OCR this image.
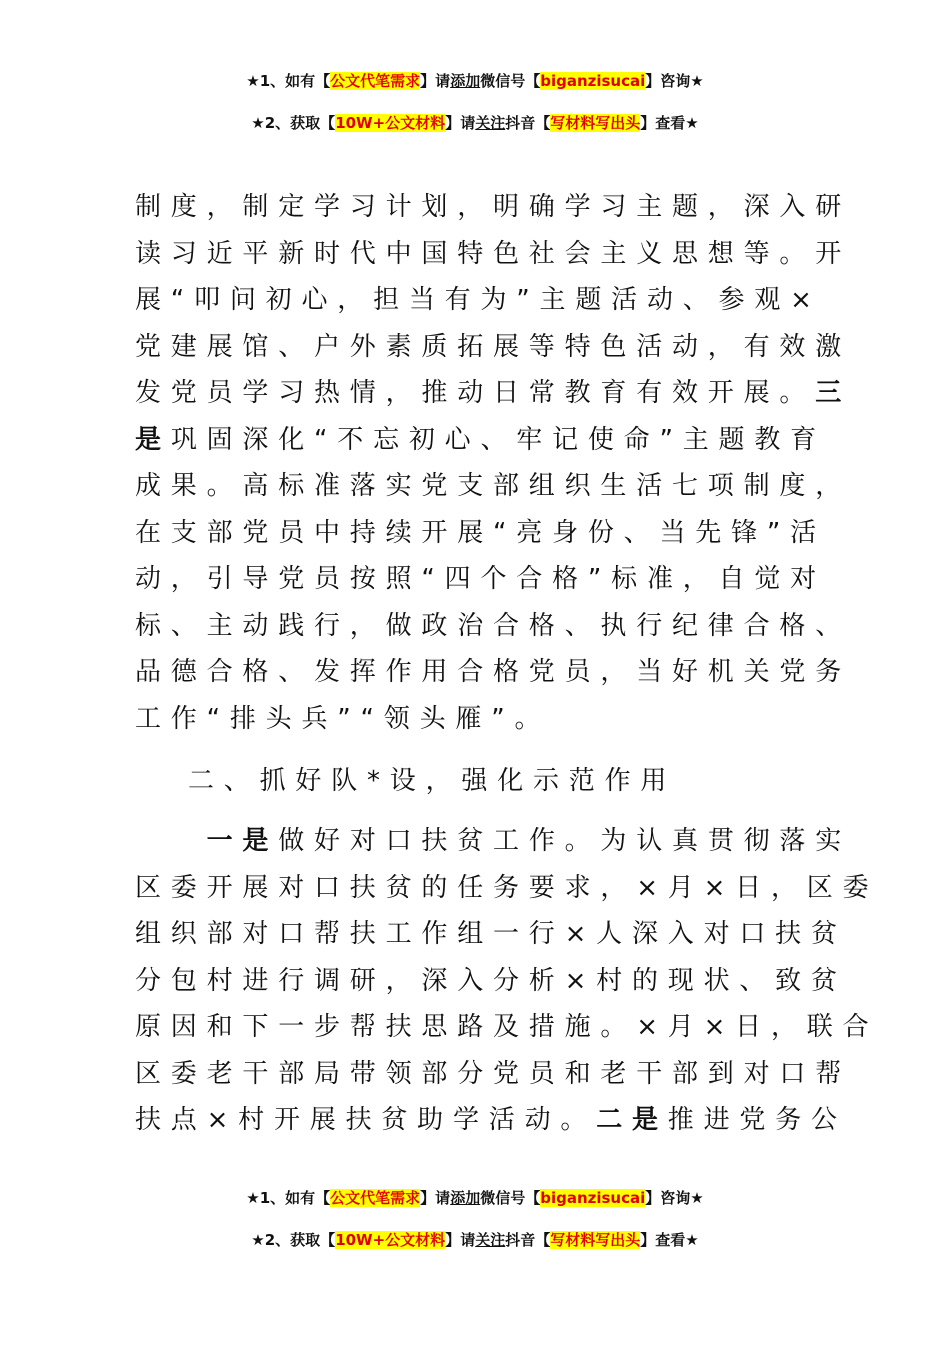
★1、如有【公文代笔需求】请添加微信号【biganzisucai】咨询★
★2、获取【10W+公文材料】请关注抖音【写材料写出头】查看★
制度，制定学习计划，明确学习主题，深入研
读习近平新时代中国特色社会主义思想等。开
展“叩问初心，担当有为”主题活动、参观×
党建展馆、户外素质拓展等特色活动，有效激
发党员学习热情，推动日常教育有效开展。三
是巩固深化“不忘初心、牢记使命”主题教育
成果。高标准落实党支部组织生活七项制度，
在支部党员中持续开展“亮身份、当先锋”活
动，引导党员按照“四个合格”标准，自觉对
标、主动践行，做政治合格、执行纪律合格、
品德合格、发挥作用合格党员，当好机关党务
工作“排头兵”“领头雁”。
二、抓好队*设，强化示范作用
　　一是做好对口扶贫工作。为认真贯彻落实
区委开展对口扶贫的任务要求，×月×日，区委
组织部对口帮扶工作组一行×人深入对口扶贫
分包村进行调研，深入分析×村的现状、致贫
原因和下一步帮扶思路及措施。×月×日，联合
区委老干部局带领部分党员和老干部到对口帮
扶点×村开展扶贫助学活动。二是推进党务公
★1、如有【公文代笔需求】请添加微信号【biganzisucai】咨询★
★2、获取【10W+公文材料】请关注抖音【写材料写出头】查看★
